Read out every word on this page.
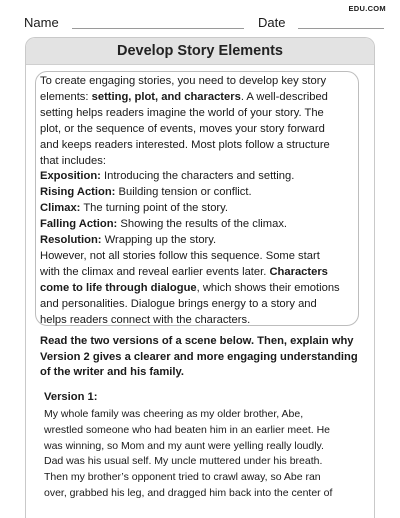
EDU.COM
Name	Date
Develop Story Elements

To create engaging stories, you need to develop key story

elements: setting, plot, and characters. A well-described

setting helps readers imagine the world of your story. The

plot, or the sequence of events, moves your story forward

and keeps readers interested. Most plots follow a structure

that includes:

Exposition: Introducing the characters and setting.

Rising Action: Building tension or conflict.

Climax: The turning point of the story.

Falling Action: Showing the results of the climax.

Resolution: Wrapping up the story.

However, not all stories follow this sequence. Some start

with the climax and reveal earlier events later. Characters

come to life through dialogue, which shows their emotions

and personalities. Dialogue brings energy to a story and

helps readers connect with the characters.

Read the two versions of a scene below. Then, explain why

Version 2 gives a clearer and more engaging understanding

of the writer and his family.

Version 1:

My whole family was cheering as my older brother, Abe,
wrestled someone who had beaten him in an earlier meet. He
was winning, so Mom and my aunt were yelling really loudly.
Dad was his usual self. My uncle muttered under his breath.
Then my brother’s opponent tried to crawl away, so Abe ran
over, grabbed his leg, and dragged him back into the center of
